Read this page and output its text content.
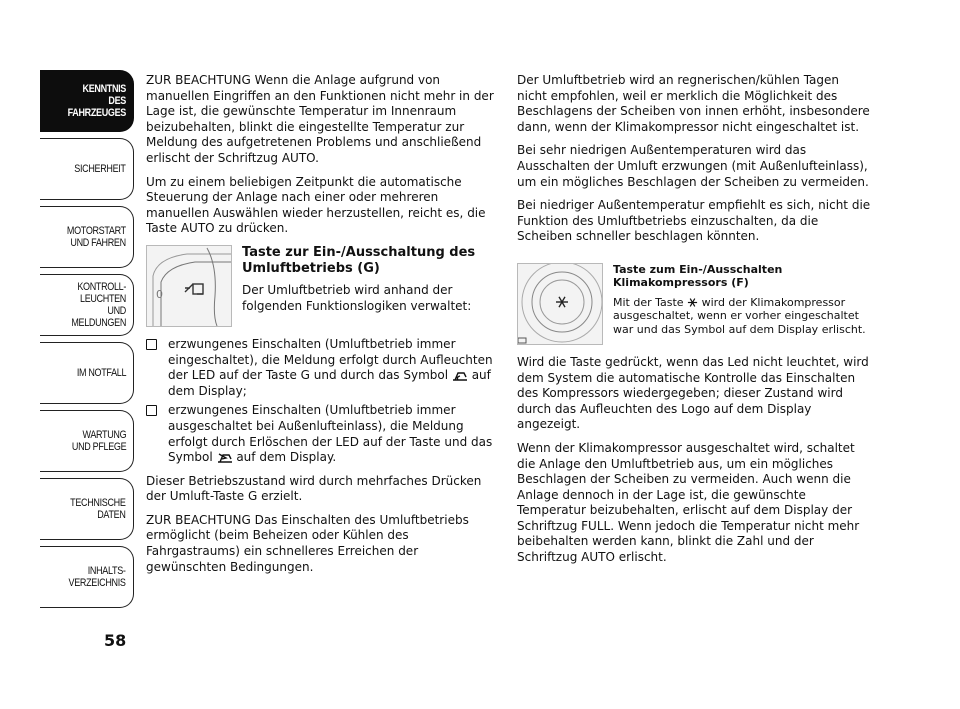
KENNTNIS
DES FAHRZEUGES
SICHERHEIT
MOTORSTART
UND FAHREN
KONTROLL-
LEUCHTEN
UND MELDUNGEN
IM NOTFALL
WARTUNG
UND PFLEGE
TECHNISCHE
DATEN
INHALTS-
VERZEICHNIS
58

ZUR BEACHTUNG Wenn die Anlage aufgrund von manuellen Eingriffen an den Funktionen nicht mehr in der Lage ist, die gewünschte Temperatur im Innenraum beizubehalten, blinkt die eingestellte Temperatur zur Meldung des aufgetretenen Problems und anschließend erlischt der Schriftzug AUTO.

Um zu einem beliebigen Zeitpunkt die automatische Steuerung der Anlage nach einer oder mehreren manuellen Auswählen wieder herzustellen, reicht es, die Taste AUTO zu drücken.

0

Taste zur Ein-/Ausschaltung des Umluftbetriebs (G)

Der Umluftbetrieb wird anhand der folgenden Funktionslogiken verwaltet:

erzwungenes Einschalten (Umluftbetrieb immer eingeschaltet), die Meldung erfolgt durch Aufleuchten der LED auf der Taste G und durch das Symbol  auf dem Display;
erzwungenes Einschalten (Umluftbetrieb immer ausgeschaltet bei Außenlufteinlass), die Meldung erfolgt durch Erlöschen der LED auf der Taste und das Symbol  auf dem Display.

Dieser Betriebszustand wird durch mehrfaches Drücken der Umluft-Taste G erzielt.

ZUR BEACHTUNG Das Einschalten des Umluftbetriebs ermöglicht (beim Beheizen oder Kühlen des Fahrgastraums) ein schnelleres Erreichen der gewünschten Bedingungen.

Der Umluftbetrieb wird an regnerischen/kühlen Tagen nicht empfohlen, weil er merklich die Möglichkeit des Beschlagens der Scheiben von innen erhöht, insbesondere dann, wenn der Klimakompressor nicht eingeschaltet ist.

Bei sehr niedrigen Außentemperaturen wird das Ausschalten der Umluft erzwungen (mit Außenlufteinlass), um ein mögliches Beschlagen der Scheiben zu vermeiden.

Bei niedriger Außentemperatur empfiehlt es sich, nicht die Funktion des Umluftbetriebs einzuschalten, da die Scheiben schneller beschlagen könnten.

Taste zum Ein-/Ausschalten Klimakompressors (F)

Mit der Taste  wird der Klimakompressor ausgeschaltet, wenn er vorher eingeschaltet war und das Symbol auf dem Display erlischt.

Wird die Taste gedrückt, wenn das Led nicht leuchtet, wird dem System die automatische Kontrolle das Einschalten des Kompressors wiedergegeben; dieser Zustand wird durch das Aufleuchten des Logo auf dem Display angezeigt.

Wenn der Klimakompressor ausgeschaltet wird, schaltet die Anlage den Umluftbetrieb aus, um ein mögliches Beschlagen der Scheiben zu vermeiden. Auch wenn die Anlage dennoch in der Lage ist, die gewünschte Temperatur beizubehalten, erlischt auf dem Display der Schriftzug FULL. Wenn jedoch die Temperatur nicht mehr beibehalten werden kann, blinkt die Zahl und der Schriftzug AUTO erlischt.
